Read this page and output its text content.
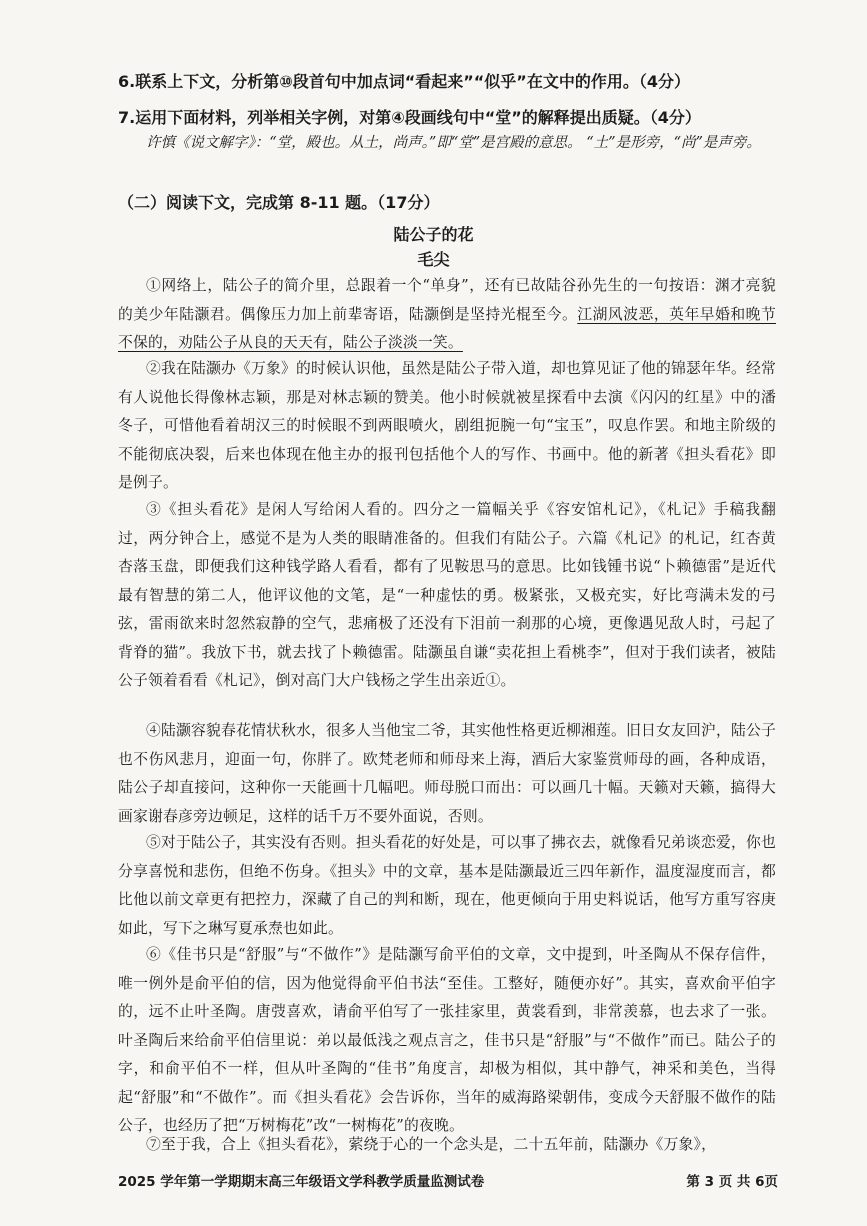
6.联系上下文，分析第⑩段首句中加点词“看起来”“似乎”在文中的作用。（4分）
7.运用下面材料，列举相关字例，对第④段画线句中“堂”的解释提出质疑。（4分）
许慎《说文解字》：“堂，殿也。从土，尚声。”即“堂”是宫殿的意思。 “土”是形旁，“尚”是声旁。
（二）阅读下文，完成第 8-11 题。（17分）
陆公子的花
毛尖
①网络上，陆公子的简介里，总跟着一个“单身”，还有已故陆谷孙先生的一句按语：渊才亮貌的美少年陆灏君。偶像压力加上前辈寄语，陆灏倒是坚持光棍至今。江湖风波恶，英年早婚和晚节不保的，劝陆公子从良的天天有，陆公子淡淡一笑。
②我在陆灏办《万象》的时候认识他，虽然是陆公子带入道，却也算见证了他的锦瑟年华。经常有人说他长得像林志颖，那是对林志颖的赞美。他小时候就被星探看中去演《闪闪的红星》中的潘冬子，可惜他看着胡汉三的时候眼不到两眼喷火，剧组扼腕一句“宝玉”，叹息作罢。和地主阶级的不能彻底决裂，后来也体现在他主办的报刊包括他个人的写作、书画中。他的新著《担头看花》即是例子。
③《担头看花》是闲人写给闲人看的。四分之一篇幅关乎《容安馆札记》，《札记》手稿我翻过，两分钟合上，感觉不是为人类的眼睛准备的。但我们有陆公子。六篇《札记》的札记，红杏黄杏落玉盘，即便我们这种钱学路人看看，都有了见鞍思马的意思。比如钱锺书说“卜赖德雷”是近代最有智慧的第二人，他评议他的文笔，是“一种虚怯的勇。极紧张，又极充实，好比弯满未发的弓弦，雷雨欲来时忽然寂静的空气，悲痛极了还没有下泪前一刹那的心境，更像遇见敌人时，弓起了背脊的猫”。我放下书，就去找了卜赖德雷。陆灏虽自谦“卖花担上看桃李”，但对于我们读者，被陆公子领着看看《札记》，倒对高门大户钱杨之学生出亲近①。
④陆灏容貌春花情状秋水，很多人当他宝二爷，其实他性格更近柳湘莲。旧日女友回沪，陆公子也不伤风悲月，迎面一句，你胖了。欧梵老师和师母来上海，酒后大家鉴赏师母的画，各种成语，陆公子却直接问，这种你一天能画十几幅吧。师母脱口而出：可以画几十幅。天籁对天籁，搞得大画家谢春彦旁边顿足，这样的话千万不要外面说，否则。
⑤对于陆公子，其实没有否则。担头看花的好处是，可以事了拂衣去，就像看兄弟谈恋爱，你也分享喜悦和悲伤，但绝不伤身。《担头》中的文章，基本是陆灏最近三四年新作，温度湿度而言，都比他以前文章更有把控力，深藏了自己的判和断，现在，他更倾向于用史料说话，他写方重写容庚如此，写下之琳写夏承焘也如此。
⑥《佳书只是“舒服”与“不做作”》是陆灏写俞平伯的文章，文中提到，叶圣陶从不保存信件，唯一例外是俞平伯的信，因为他觉得俞平伯书法“至佳。工整好，随便亦好”。其实，喜欢俞平伯字的，远不止叶圣陶。唐弢喜欢，请俞平伯写了一张挂家里，黄裳看到，非常羡慕，也去求了一张。叶圣陶后来给俞平伯信里说：弟以最低浅之观点言之，佳书只是“舒服”与“不做作”而已。陆公子的字，和俞平伯不一样，但从叶圣陶的“佳书”角度言，却极为相似，其中静气，神采和美色，当得起“舒服”和“不做作”。而《担头看花》会告诉你，当年的威海路梁朝伟，变成今天舒服不做作的陆公子，也经历了把“万树梅花”改“一树梅花”的夜晚。
⑦至于我，合上《担头看花》，萦绕于心的一个念头是，二十五年前，陆灏办《万象》，
2025 学年第一学期期末高三年级语文学科教学质量监测试卷	第 3 页 共 6页
